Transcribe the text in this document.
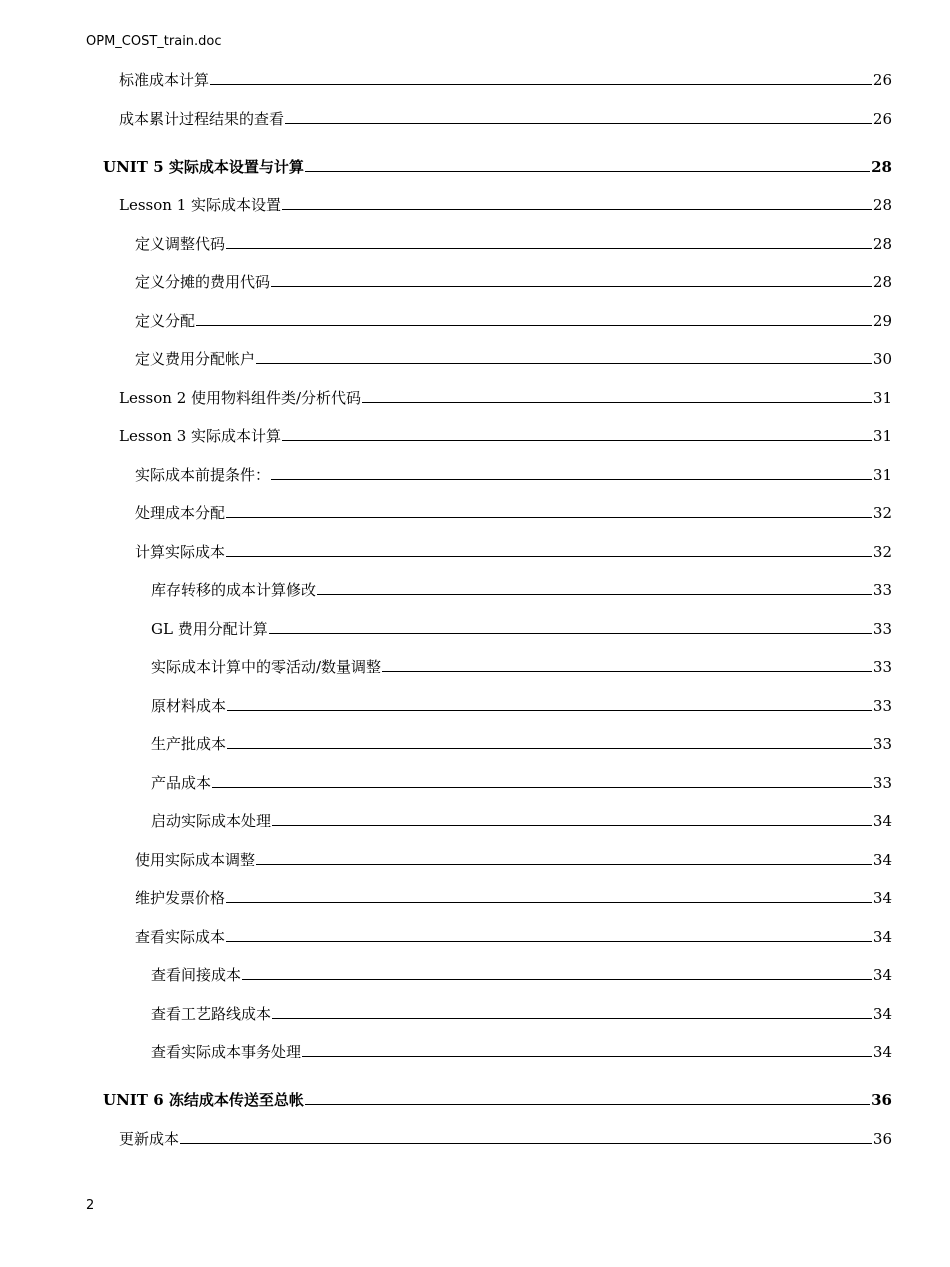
OPM_COST_train.doc
标准成本计算	26
成本累计过程结果的查看	26
UNIT 5 实际成本设置与计算	28
Lesson 1 实际成本设置	28
定义调整代码	28
定义分摊的费用代码	28
定义分配	29
定义费用分配帐户	30
Lesson 2 使用物料组件类/分析代码	31
Lesson 3 实际成本计算	31
实际成本前提条件：	31
处理成本分配	32
计算实际成本	32
库存转移的成本计算修改	33
GL 费用分配计算	33
实际成本计算中的零活动/数量调整	33
原材料成本	33
生产批成本	33
产品成本	33
启动实际成本处理	34
使用实际成本调整	34
维护发票价格	34
查看实际成本	34
查看间接成本	34
查看工艺路线成本	34
查看实际成本事务处理	34
UNIT 6 冻结成本传送至总帐	36
更新成本	36
2
